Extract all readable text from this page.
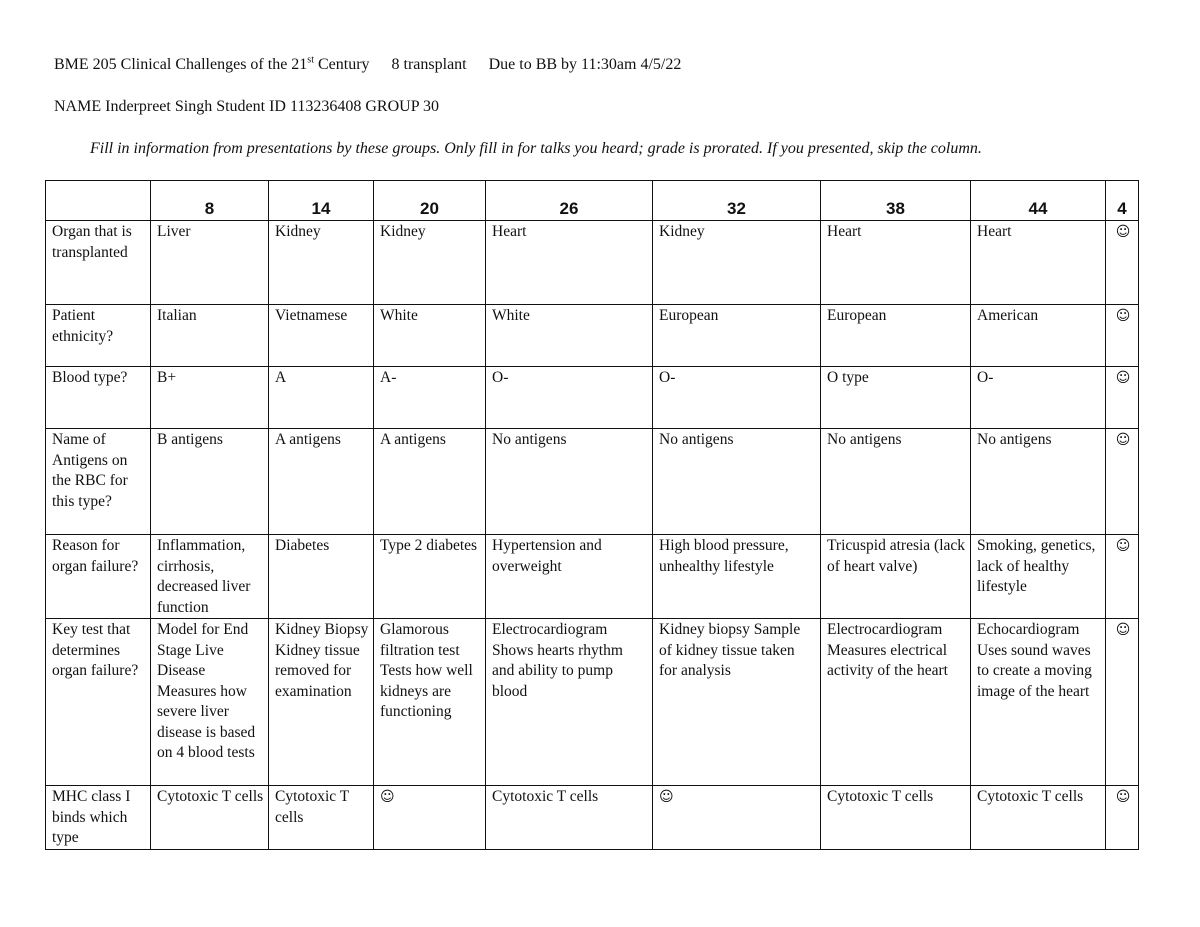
BME 205 Clinical Challenges of the 21st Century 8 transplant Due to BB by 11:30am 4/5/22
NAME Inderpreet Singh Student ID 113236408 GROUP 30
Fill in information from presentations by these groups. Only fill in for talks you heard; grade is prorated. If you presented, skip the column.
	8	14	20	26	32	38	44	4
Organ that is transplanted	Liver	Kidney	Kidney	Heart	Kidney	Heart	Heart	☺
Patient ethnicity?	Italian	Vietnamese	White	White	European	European	American	☺
Blood type?	B+	A	A-	O-	O-	O type	O-	☺
Name of Antigens on the RBC for this type?	B antigens	A antigens	A antigens	No antigens	No antigens	No antigens	No antigens	☺
Reason for organ failure?	Inflammation, cirrhosis, decreased liver function	Diabetes	Type 2 diabetes	Hypertension and overweight	High blood pressure, unhealthy lifestyle	Tricuspid atresia (lack of heart valve)	Smoking, genetics, lack of healthy lifestyle	☺
Key test that determines organ failure?	Model for End Stage Live Disease Measures how severe liver disease is based on 4 blood tests	Kidney Biopsy Kidney tissue removed for examination	Glamorous filtration test Tests how well kidneys are functioning	Electrocardiogram Shows hearts rhythm and ability to pump blood	Kidney biopsy Sample of kidney tissue taken for analysis	Electrocardiogram Measures electrical activity of the heart	Echocardiogram Uses sound waves to create a moving image of the heart	☺
MHC class I binds which type	Cytotoxic T cells	Cytotoxic T cells	☺	Cytotoxic T cells	☺	Cytotoxic T cells	Cytotoxic T cells	☺
